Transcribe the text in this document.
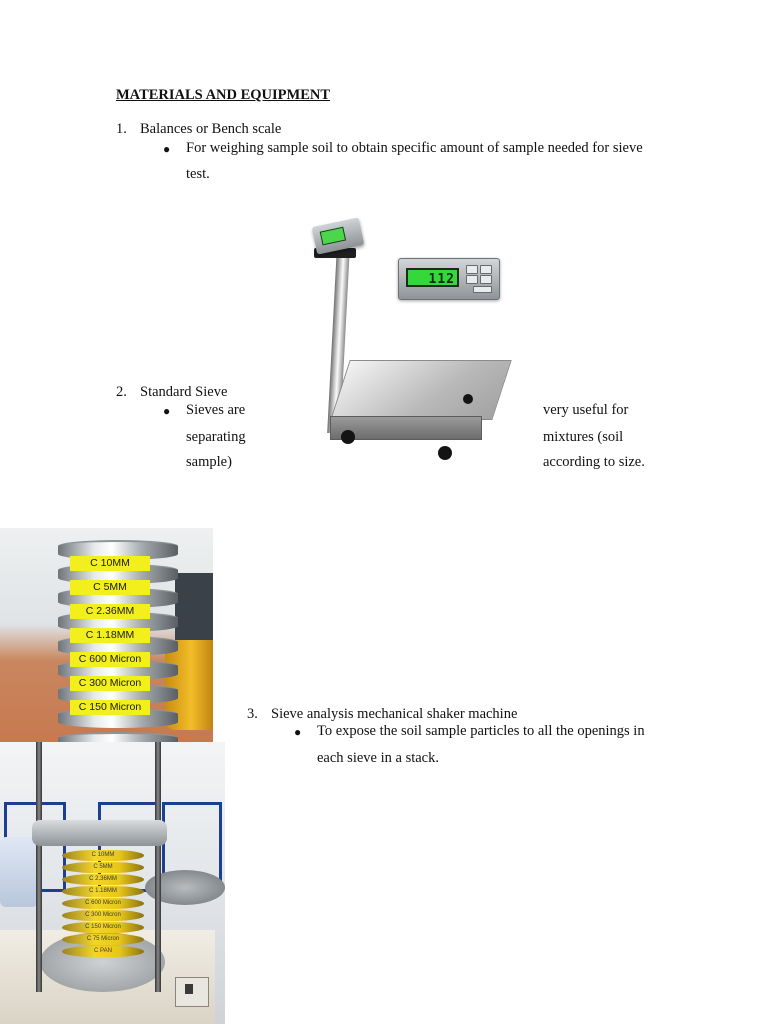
MATERIALS AND EQUIPMENT
1. Balances or Bench scale
● For weighing sample soil to obtain specific amount of sample needed for sieve
test.
2. Standard Sieve
● Sieves are
separating
sample)
very useful for
mixtures (soil
according to size.
112
C 10MM
C 5MM
C 2.36MM
C 1.18MM
C 600 Micron
C 300 Micron
C 150 Micron	3. Sieve analysis mechanical shaker machine
● To expose the soil sample particles to all the openings in
each sieve in a stack.
C 10MM
C 5MM
C 2.36MM
C 1.18MM
C 600 Micron
C 300 Micron
C 150 Micron
C 75 Micron
C PAN
